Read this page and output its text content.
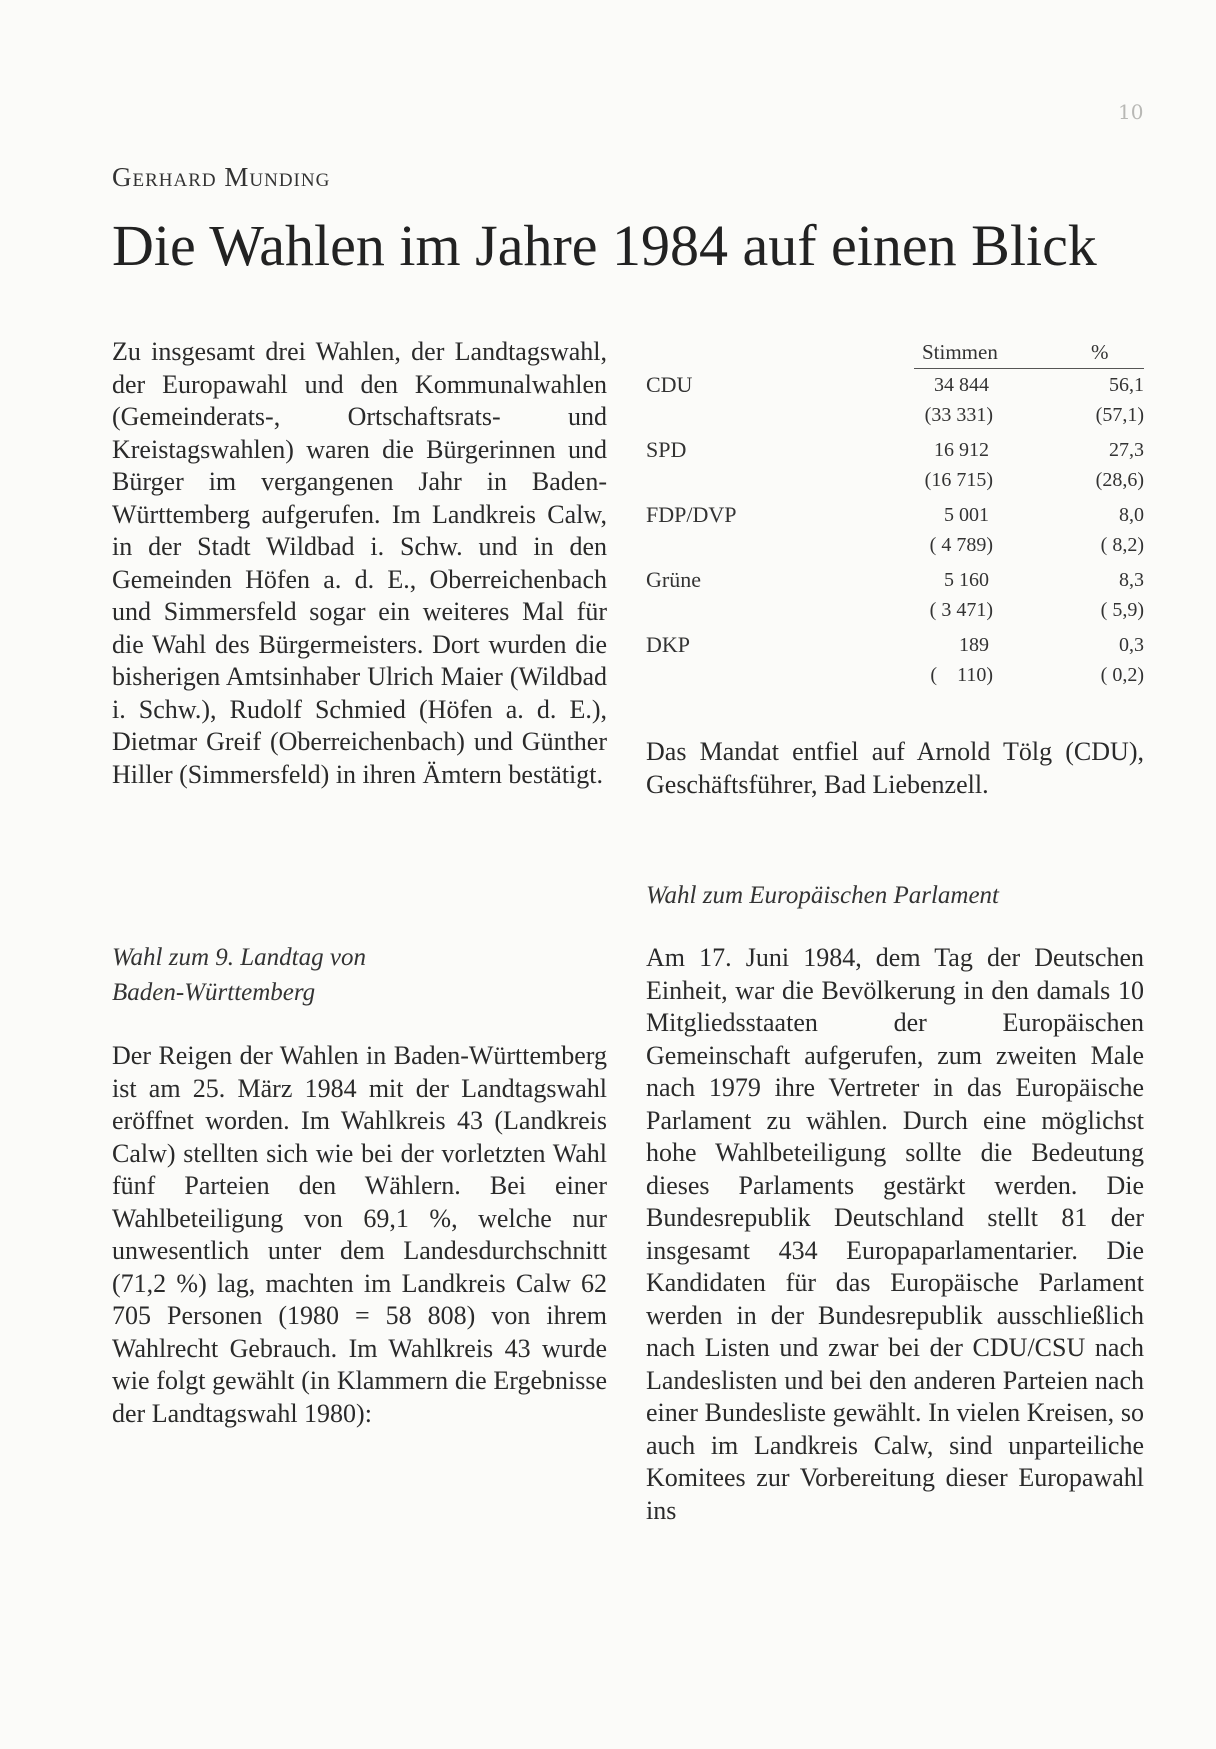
10
Gerhard Munding
Die Wahlen im Jahre 1984 auf einen Blick

Zu insgesamt drei Wahlen, der Landtagswahl, der Europawahl und den Kommunalwahlen (Gemeinderats-, Ortschaftsrats- und Kreistagswahlen) waren die Bürgerinnen und Bürger im vergangenen Jahr in Baden-Württemberg aufgerufen. Im Landkreis Calw, in der Stadt Wildbad i. Schw. und in den Gemeinden Höfen a. d. E., Oberreichenbach und Simmersfeld sogar ein weiteres Mal für die Wahl des Bürgermeisters. Dort wurden die bisherigen Amtsinhaber Ulrich Maier (Wildbad i. Schw.), Rudolf Schmied (Höfen a. d. E.), Dietmar Greif (Oberreichenbach) und Günther Hiller (Simmersfeld) in ihren Ämtern bestätigt.

Wahl zum 9. Landtag von
Baden-Württemberg

Der Reigen der Wahlen in Baden-Württemberg ist am 25. März 1984 mit der Landtagswahl eröffnet worden. Im Wahlkreis 43 (Landkreis Calw) stellten sich wie bei der vorletzten Wahl fünf Parteien den Wählern. Bei einer Wahlbeteiligung von 69,1 %, welche nur unwesentlich unter dem Landesdurchschnitt (71,2 %) lag, machten im Landkreis Calw 62 705 Personen (1980 = 58 808) von ihrem Wahlrecht Gebrauch. Im Wahlkreis 43 wurde wie folgt gewählt (in Klammern die Ergebnisse der Landtagswahl 1980):

Stimmen	%
CDU	34 844	56,1
(33 331)	(57,1)
SPD	16 912	27,3
(16 715)	(28,6)
FDP/DVP	5 001	8,0
( 4 789)	( 8,2)
Grüne	5 160	8,3
( 3 471)	( 5,9)
DKP	189	0,3
(    110)	( 0,2)

Das Mandat entfiel auf Arnold Tölg (CDU), Geschäftsführer, Bad Liebenzell.

Wahl zum Europäischen Parlament

Am 17. Juni 1984, dem Tag der Deutschen Einheit, war die Bevölkerung in den damals 10 Mitgliedsstaaten der Europäischen Gemeinschaft aufgerufen, zum zweiten Male nach 1979 ihre Vertreter in das Europäische Parlament zu wählen. Durch eine möglichst hohe Wahlbeteiligung sollte die Bedeutung dieses Parlaments gestärkt werden. Die Bundesrepublik Deutschland stellt 81 der insgesamt 434 Europaparlamentarier. Die Kandidaten für das Europäische Parlament werden in der Bundesrepublik ausschließlich nach Listen und zwar bei der CDU/CSU nach Landeslisten und bei den anderen Parteien nach einer Bundesliste gewählt. In vielen Kreisen, so auch im Landkreis Calw, sind unparteiliche Komitees zur Vorbereitung dieser Europawahl ins
